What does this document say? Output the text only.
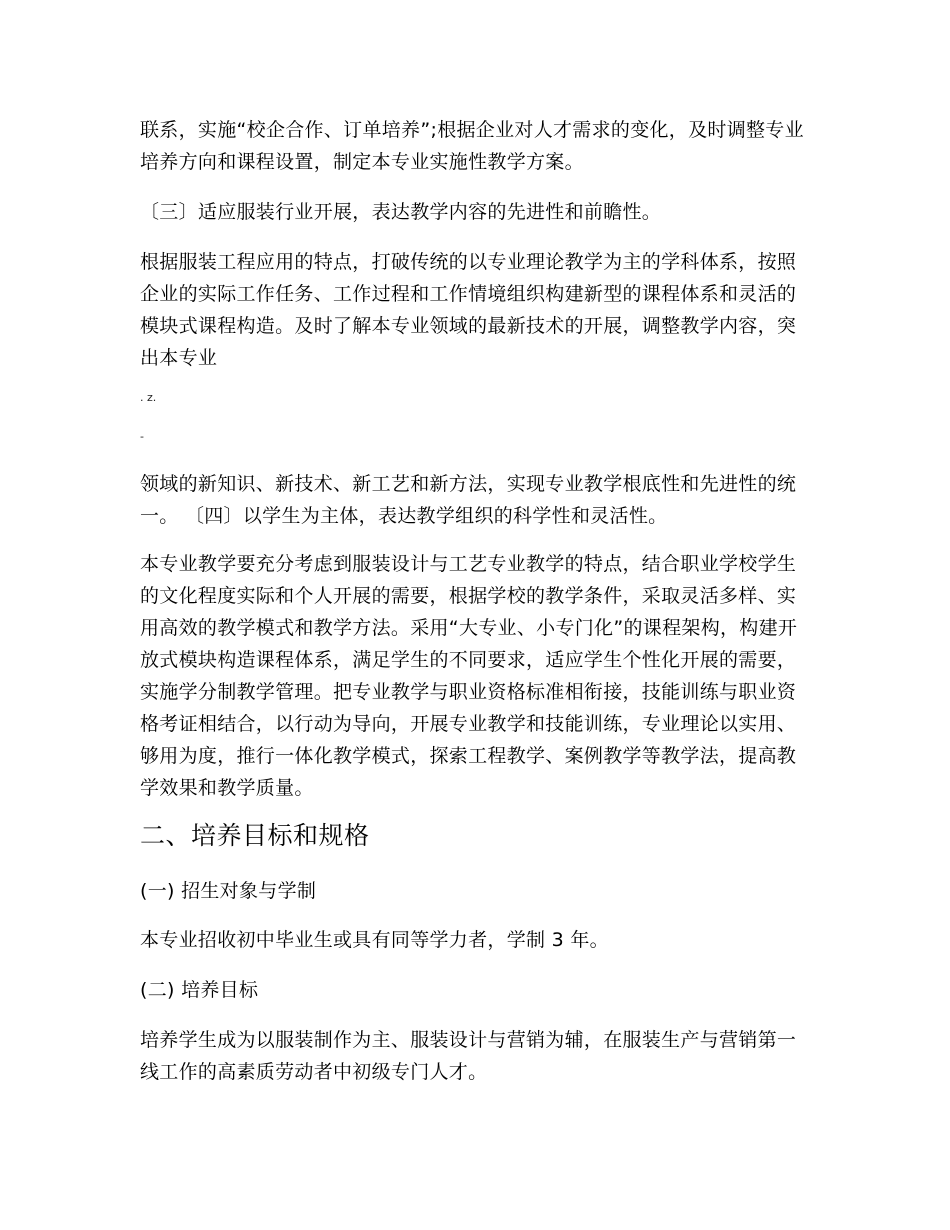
联系，实施“校企合作、订单培养”;根据企业对人才需求的变化，及时调整专业培养方向和课程设置，制定本专业实施性教学方案。

〔三〕适应服装行业开展，表达教学内容的先进性和前瞻性。

根据服装工程应用的特点，打破传统的以专业理论教学为主的学科体系，按照企业的实际工作任务、工作过程和工作情境组织构建新型的课程体系和灵活的模块式课程构造。及时了解本专业领域的最新技术的开展，调整教学内容，突出本专业

. z.

-

领域的新知识、新技术、新工艺和新方法，实现专业教学根底性和先进性的统一。 〔四〕以学生为主体，表达教学组织的科学性和灵活性。

本专业教学要充分考虑到服装设计与工艺专业教学的特点，结合职业学校学生的文化程度实际和个人开展的需要，根据学校的教学条件，采取灵活多样、实用高效的教学模式和教学方法。采用“大专业、小专门化”的课程架构，构建开放式模块构造课程体系，满足学生的不同要求，适应学生个性化开展的需要，实施学分制教学管理。把专业教学与职业资格标准相衔接，技能训练与职业资格考证相结合，以行动为导向，开展专业教学和技能训练，专业理论以实用、够用为度，推行一体化教学模式，探索工程教学、案例教学等教学法，提高教学效果和教学质量。

二、培养目标和规格

(一) 招生对象与学制

本专业招收初中毕业生或具有同等学力者，学制 3 年。

(二) 培养目标

培养学生成为以服装制作为主、服装设计与营销为辅，在服装生产与营销第一线工作的高素质劳动者中初级专门人才。
